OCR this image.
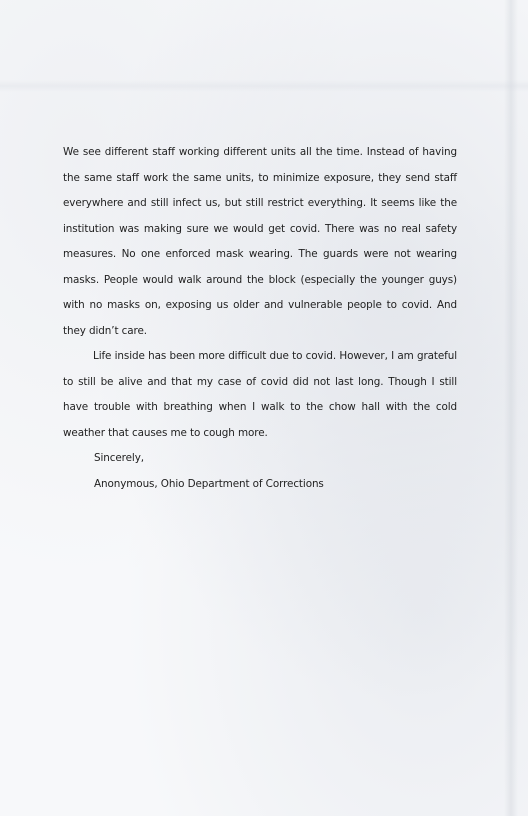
We see different staff working different units all the time. Instead of having the same staff work the same units, to minimize exposure, they send staff everywhere and still infect us, but still restrict everything. It seems like the institution was making sure we would get covid. There was no real safety measures. No one enforced mask wearing. The guards were not wearing masks. People would walk around the block (especially the younger guys) with no masks on, exposing us older and vulnerable people to covid. And they didn’t care.

Life inside has been more difficult due to covid. However, I am grateful to still be alive and that my case of covid did not last long. Though I still have trouble with breathing when I walk to the chow hall with the cold weather that causes me to cough more.

Sincerely,

Anonymous, Ohio Department of Corrections
